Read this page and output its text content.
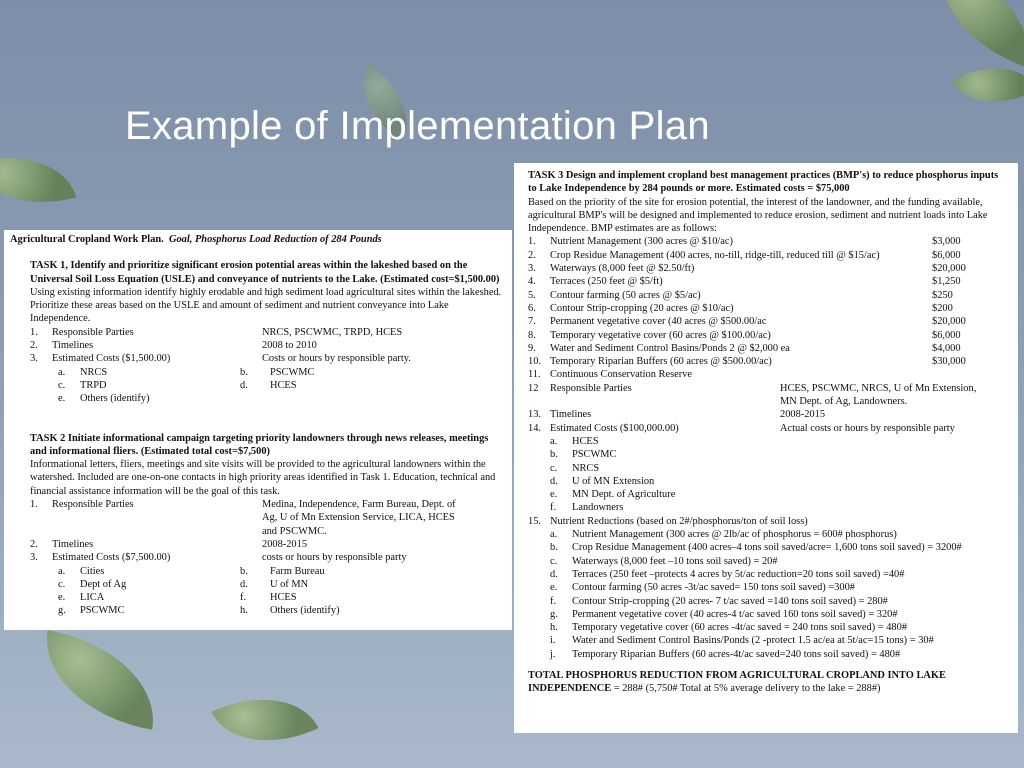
Example of Implementation Plan

Agricultural Cropland Work Plan. Goal, Phosphorus Load Reduction of 284 Pounds

TASK 1, Identify and prioritize significant erosion potential areas within the lakeshed based on the Universal Soil Loss Equation (USLE) and conveyance of nutrients to the Lake. (Estimated cost=$1,500.00)

Using existing information identify highly erodable and high sediment load agricultural sites within the lakeshed. Prioritize these areas based on the USLE and amount of sediment and nutrient conveyance into Lake Independence.

1.	Responsible Parties	NRCS, PSCWMC, TRPD, HCES
2.	Timelines	2008 to 2010
3.	Estimated Costs ($1,500.00)	Costs or hours by responsible party.
a.	NRCS	b.	PSCWMC
c.	TRPD	d.	HCES
e.	Others (identify)

TASK 2 Initiate informational campaign targeting priority landowners through news releases, meetings and informational fliers. (Estimated total cost=$7,500)

Informational letters, fliers, meetings and site visits will be provided to the agricultural landowners within the watershed. Included are one-on-one contacts in high priority areas identified in Task 1. Education, technical and financial assistance information will be the goal of this task.

1.	Responsible Parties	Medina, Independence, Farm Bureau, Dept. of Ag, U of Mn Extension Service, LICA, HCES and PSCWMC.
2.	Timelines	2008-2015
3.	Estimated Costs ($7,500.00)	costs or hours by responsible party
a.	Cities	b.	Farm Bureau
c.	Dept of Ag	d.	U of MN
e.	LICA	f.	HCES
g.	PSCWMC	h.	Others (identify)

TASK 3 Design and implement cropland best management practices (BMP's) to reduce phosphorus inputs to Lake Independence by 284 pounds or more. Estimated costs = $75,000

Based on the priority of the site for erosion potential, the interest of the landowner, and the funding available, agricultural BMP's will be designed and implemented to reduce erosion, sediment and nutrient loads into Lake Independence. BMP estimates are as follows:

1.	Nutrient Management (300 acres @ $10/ac)	$3,000
2.	Crop Residue Management (400 acres, no-till, ridge-till, reduced till @ $15/ac)	$6,000
3.	Waterways (8,000 feet @ $2.50/ft)	$20,000
4.	Terraces (250 feet @ $5/ft)	$1,250
5.	Contour farming (50 acres @ $5/ac)	$250
6.	Contour Strip-cropping (20 acres @ $10/ac)	$200
7.	Permanent vegetative cover (40 acres @ $500.00/ac	$20,000
8.	Temporary vegetative cover (60 acres @ $100.00/ac)	$6,000
9.	Water and Sediment Control Basins/Ponds 2 @ $2,000 ea	$4,000
10. Temporary Riparian Buffers (60 acres @ $500.00/ac)	$30,000
11. Continuous Conservation Reserve
12	Responsible Parties	HCES, PSCWMC, NRCS, U of Mn Extension, MN Dept. of Ag, Landowners.
13. Timelines	2008-2015
14. Estimated Costs ($100,000.00)	Actual costs or hours by responsible party
a.	HCES
b.	PSCWMC
c.	NRCS
d.	U of MN Extension
e.	MN Dept. of Agriculture
f.	Landowners
15. Nutrient Reductions (based on 2#/phosphorus/ton of soil loss)
a.	Nutrient Management (300 acres @ 2lb/ac of phosphorus = 600# phosphorus)
b.	Crop Residue Management (400 acres–4 tons soil saved/acre= 1,600 tons soil saved) = 3200#
c.	Waterways (8,000 feet –10 tons soil saved) = 20#
d.	Terraces (250 feet –protects 4 acres by 5t/ac reduction=20 tons soil saved) =40#
e.	Contour farming (50 acres -3t/ac saved= 150 tons soil saved) =300#
f.	Contour Strip-cropping (20 acres- 7 t/ac saved =140 tons soil saved) = 280#
g.	Permanent vegetative cover (40 acres-4 t/ac saved 160 tons soil saved) = 320#
h.	Temporary vegetative cover (60 acres -4t/ac saved = 240 tons soil saved) = 480#
i.	Water and Sediment Control Basins/Ponds (2 -protect 1.5 ac/ea at 5t/ac=15 tons) = 30#
j.	Temporary Riparian Buffers (60 acres-4t/ac saved=240 tons soil saved) = 480#

TOTAL PHOSPHORUS REDUCTION FROM AGRICULTURAL CROPLAND INTO LAKE INDEPENDENCE = 288# (5,750# Total at 5% average delivery to the lake = 288#)
